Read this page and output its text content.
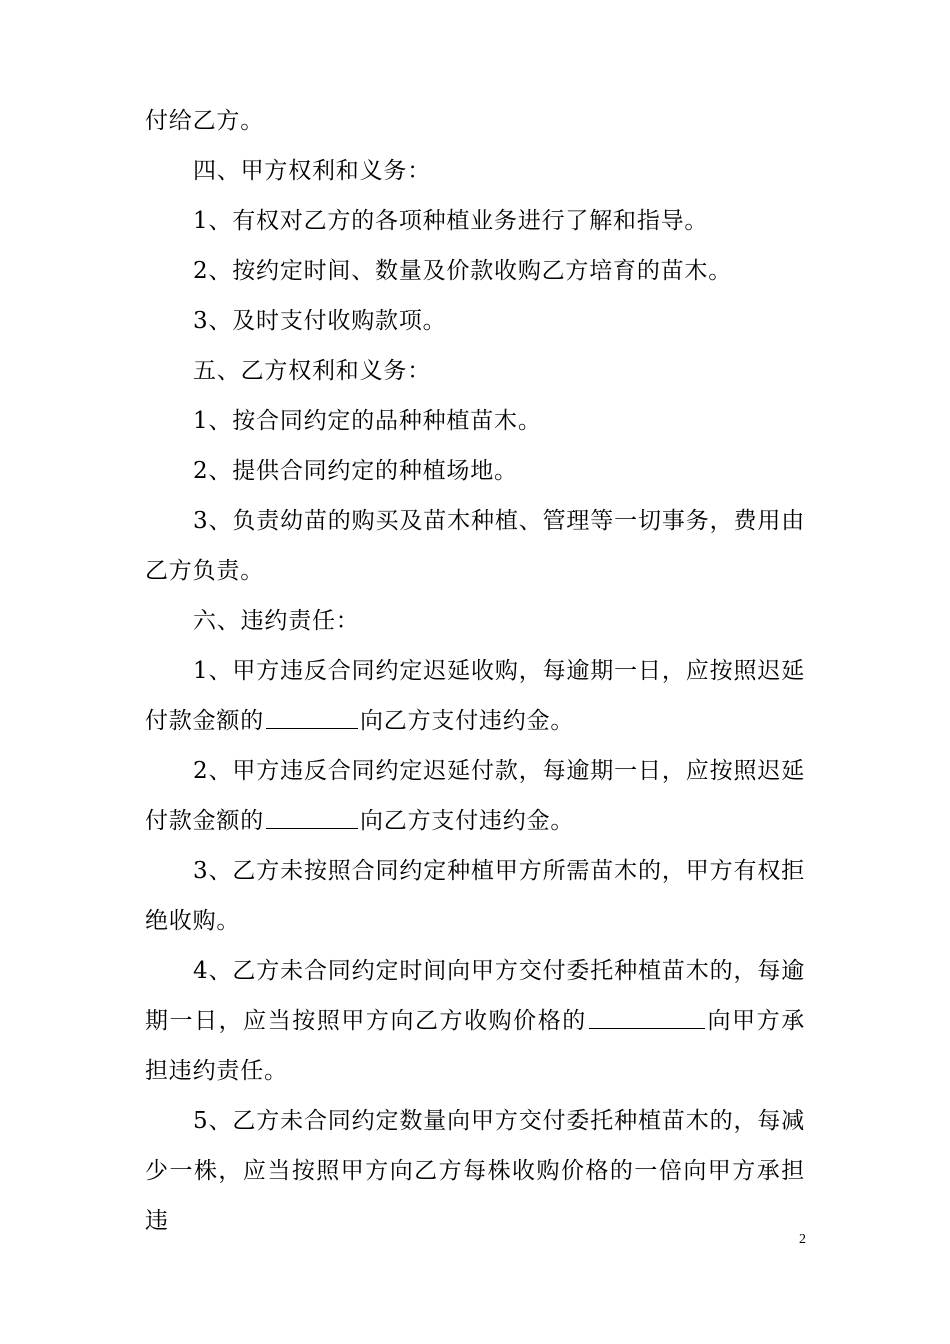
付给乙方。

四、甲方权利和义务：

1、有权对乙方的各项种植业务进行了解和指导。

2、按约定时间、数量及价款收购乙方培育的苗木。

3、及时支付收购款项。

五、乙方权利和义务：

1、按合同约定的品种种植苗木。

2、提供合同约定的种植场地。

3、负责幼苗的购买及苗木种植、管理等一切事务，费用由乙方负责。

六、违约责任：

1、甲方违反合同约定迟延收购，每逾期一日，应按照迟延付款金额的	向乙方支付违约金。

2、甲方违反合同约定迟延付款，每逾期一日，应按照迟延付款金额的	向乙方支付违约金。

3、乙方未按照合同约定种植甲方所需苗木的，甲方有权拒绝收购。

4、乙方未合同约定时间向甲方交付委托种植苗木的，每逾期一日，应当按照甲方向乙方收购价格的	向甲方承担违约责任。

5、乙方未合同约定数量向甲方交付委托种植苗木的，每减少一株，应当按照甲方向乙方每株收购价格的一倍向甲方承担违

2
